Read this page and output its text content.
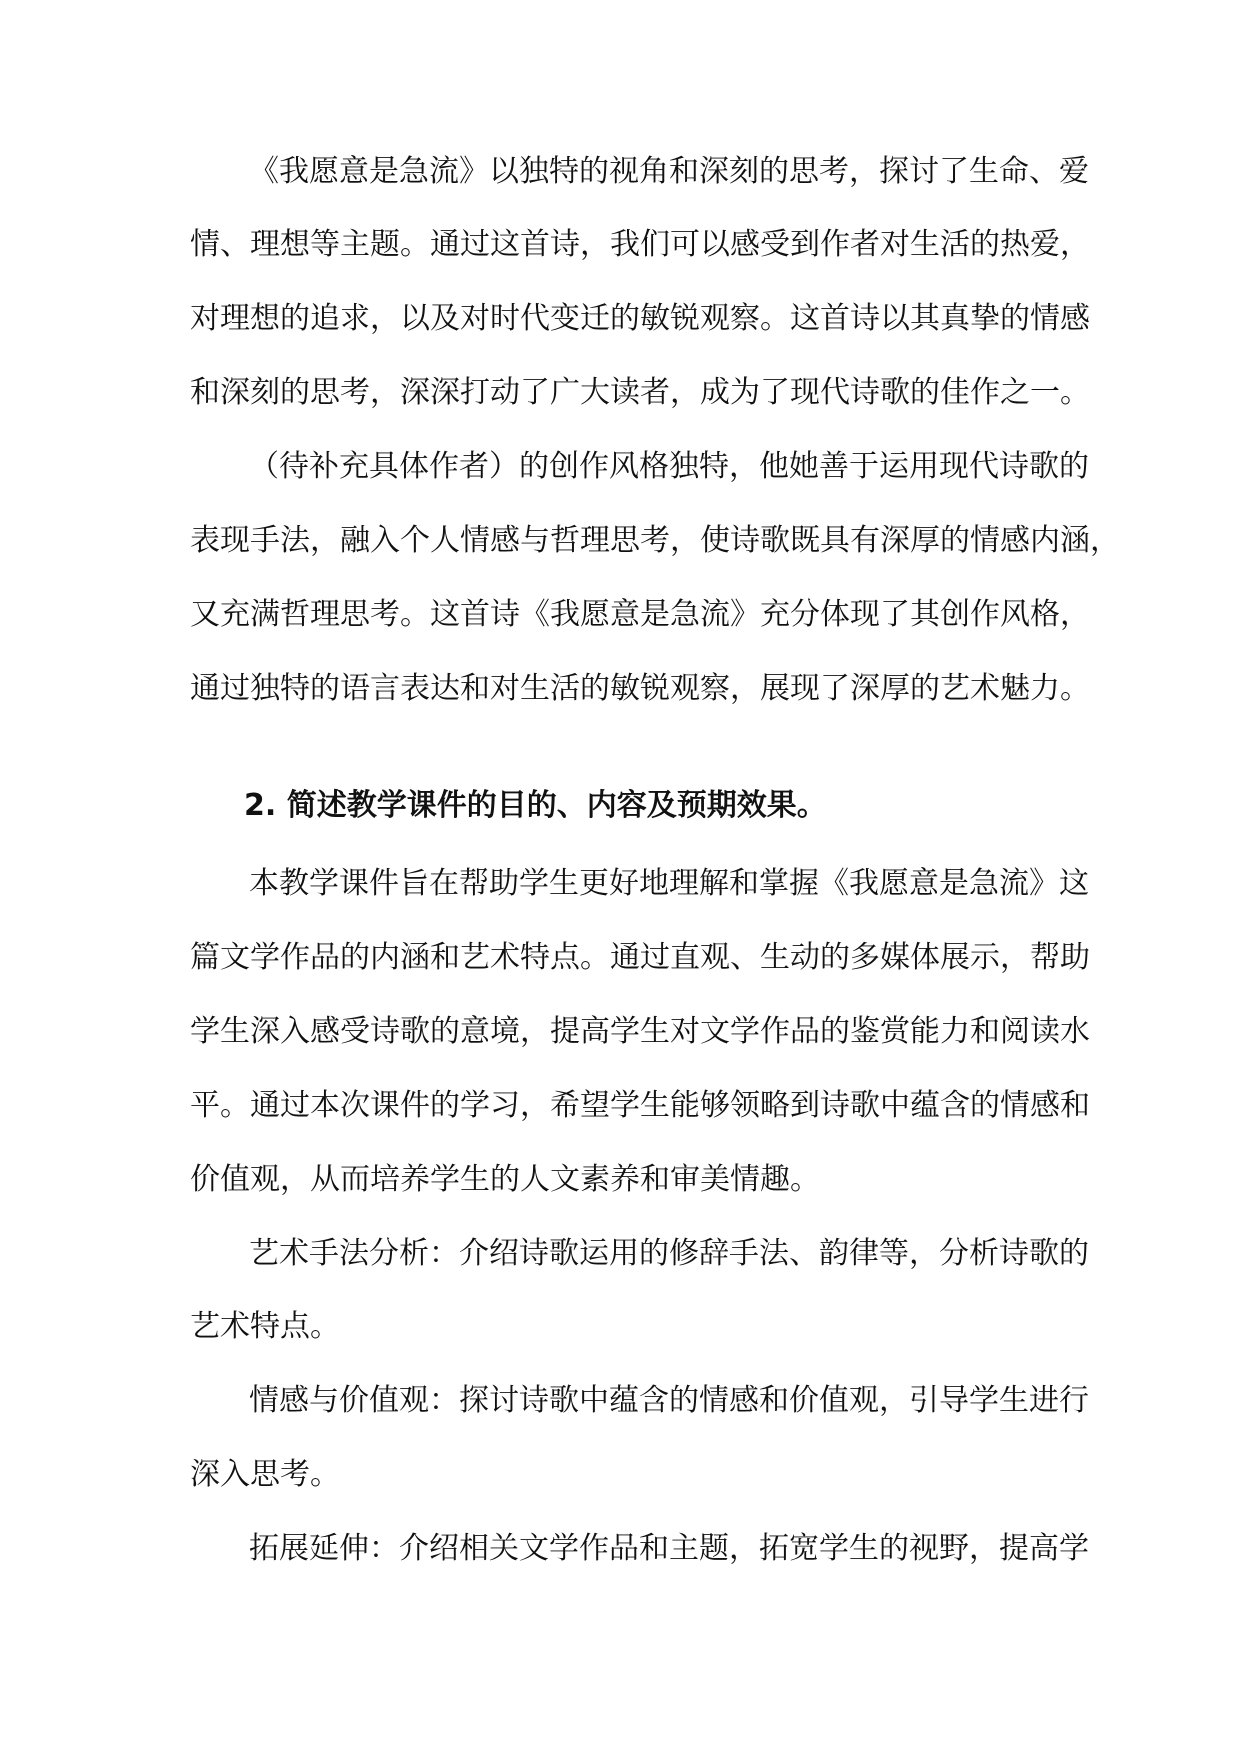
《我愿意是急流》以独特的视角和深刻的思考，探讨了生命、爱
情、理想等主题。通过这首诗，我们可以感受到作者对生活的热爱，
对理想的追求，以及对时代变迁的敏锐观察。这首诗以其真挚的情感
和深刻的思考，深深打动了广大读者，成为了现代诗歌的佳作之一。
（待补充具体作者）的创作风格独特，他她善于运用现代诗歌的
表现手法，融入个人情感与哲理思考，使诗歌既具有深厚的情感内涵，
又充满哲理思考。这首诗《我愿意是急流》充分体现了其创作风格，
通过独特的语言表达和对生活的敏锐观察，展现了深厚的艺术魅力。
2. 简述教学课件的目的、内容及预期效果。
本教学课件旨在帮助学生更好地理解和掌握《我愿意是急流》这
篇文学作品的内涵和艺术特点。通过直观、生动的多媒体展示，帮助
学生深入感受诗歌的意境，提高学生对文学作品的鉴赏能力和阅读水
平。通过本次课件的学习，希望学生能够领略到诗歌中蕴含的情感和
价值观，从而培养学生的人文素养和审美情趣。
艺术手法分析：介绍诗歌运用的修辞手法、韵律等，分析诗歌的
艺术特点。
情感与价值观：探讨诗歌中蕴含的情感和价值观，引导学生进行
深入思考。
拓展延伸：介绍相关文学作品和主题，拓宽学生的视野，提高学
